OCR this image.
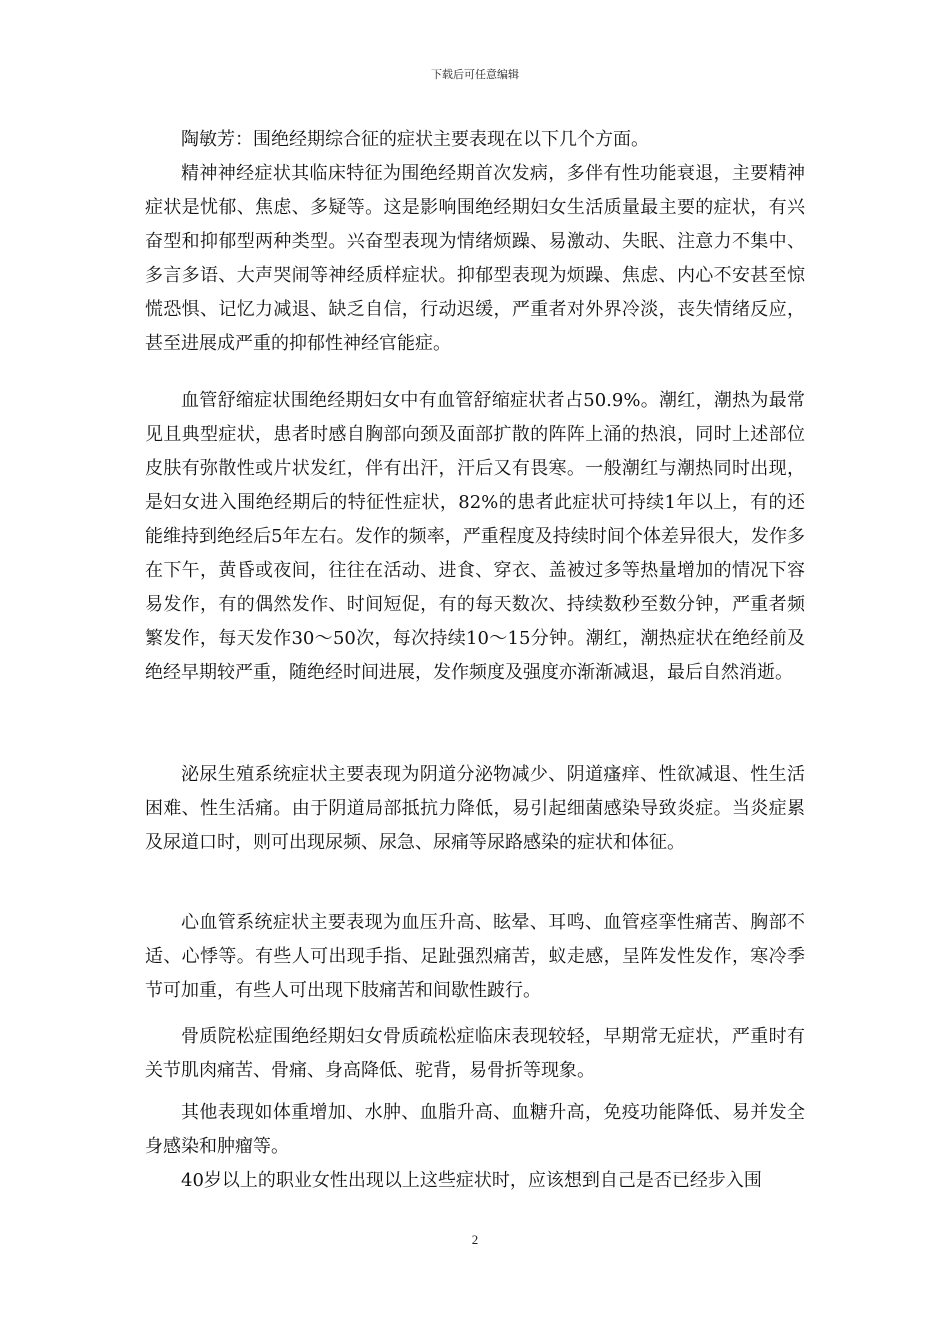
下载后可任意编辑

陶敏芳：围绝经期综合征的症状主要表现在以下几个方面。

精神神经症状其临床特征为围绝经期首次发病，多伴有性功能衰退，主要精神症状是忧郁、焦虑、多疑等。这是影响围绝经期妇女生活质量最主要的症状，有兴奋型和抑郁型两种类型。兴奋型表现为情绪烦躁、易激动、失眠、注意力不集中、多言多语、大声哭闹等神经质样症状。抑郁型表现为烦躁、焦虑、内心不安甚至惊慌恐惧、记忆力减退、缺乏自信，行动迟缓，严重者对外界冷淡，丧失情绪反应，甚至进展成严重的抑郁性神经官能症。

血管舒缩症状围绝经期妇女中有血管舒缩症状者占50.9%。潮红，潮热为最常见且典型症状，患者时感自胸部向颈及面部扩散的阵阵上涌的热浪，同时上述部位皮肤有弥散性或片状发红，伴有出汗，汗后又有畏寒。一般潮红与潮热同时出现，是妇女进入围绝经期后的特征性症状，82%的患者此症状可持续1年以上，有的还能维持到绝经后5年左右。发作的频率，严重程度及持续时间个体差异很大，发作多在下午，黄昏或夜间，往往在活动、进食、穿衣、盖被过多等热量增加的情况下容易发作，有的偶然发作、时间短促，有的每天数次、持续数秒至数分钟，严重者频繁发作，每天发作30～50次，每次持续10～15分钟。潮红，潮热症状在绝经前及绝经早期较严重，随绝经时间进展，发作频度及强度亦渐渐减退，最后自然消逝。

泌尿生殖系统症状主要表现为阴道分泌物减少、阴道瘙痒、性欲减退、性生活困难、性生活痛。由于阴道局部抵抗力降低，易引起细菌感染导致炎症。当炎症累及尿道口时，则可出现尿频、尿急、尿痛等尿路感染的症状和体征。

心血管系统症状主要表现为血压升高、眩晕、耳鸣、血管痉挛性痛苦、胸部不适、心悸等。有些人可出现手指、足趾强烈痛苦，蚁走感，呈阵发性发作，寒冷季节可加重，有些人可出现下肢痛苦和间歇性跛行。

骨质院松症围绝经期妇女骨质疏松症临床表现较轻，早期常无症状，严重时有关节肌肉痛苦、骨痛、身高降低、驼背，易骨折等现象。

其他表现如体重增加、水肿、血脂升高、血糖升高，免疫功能降低、易并发全身感染和肿瘤等。

40岁以上的职业女性出现以上这些症状时，应该想到自己是否已经步入围

2
